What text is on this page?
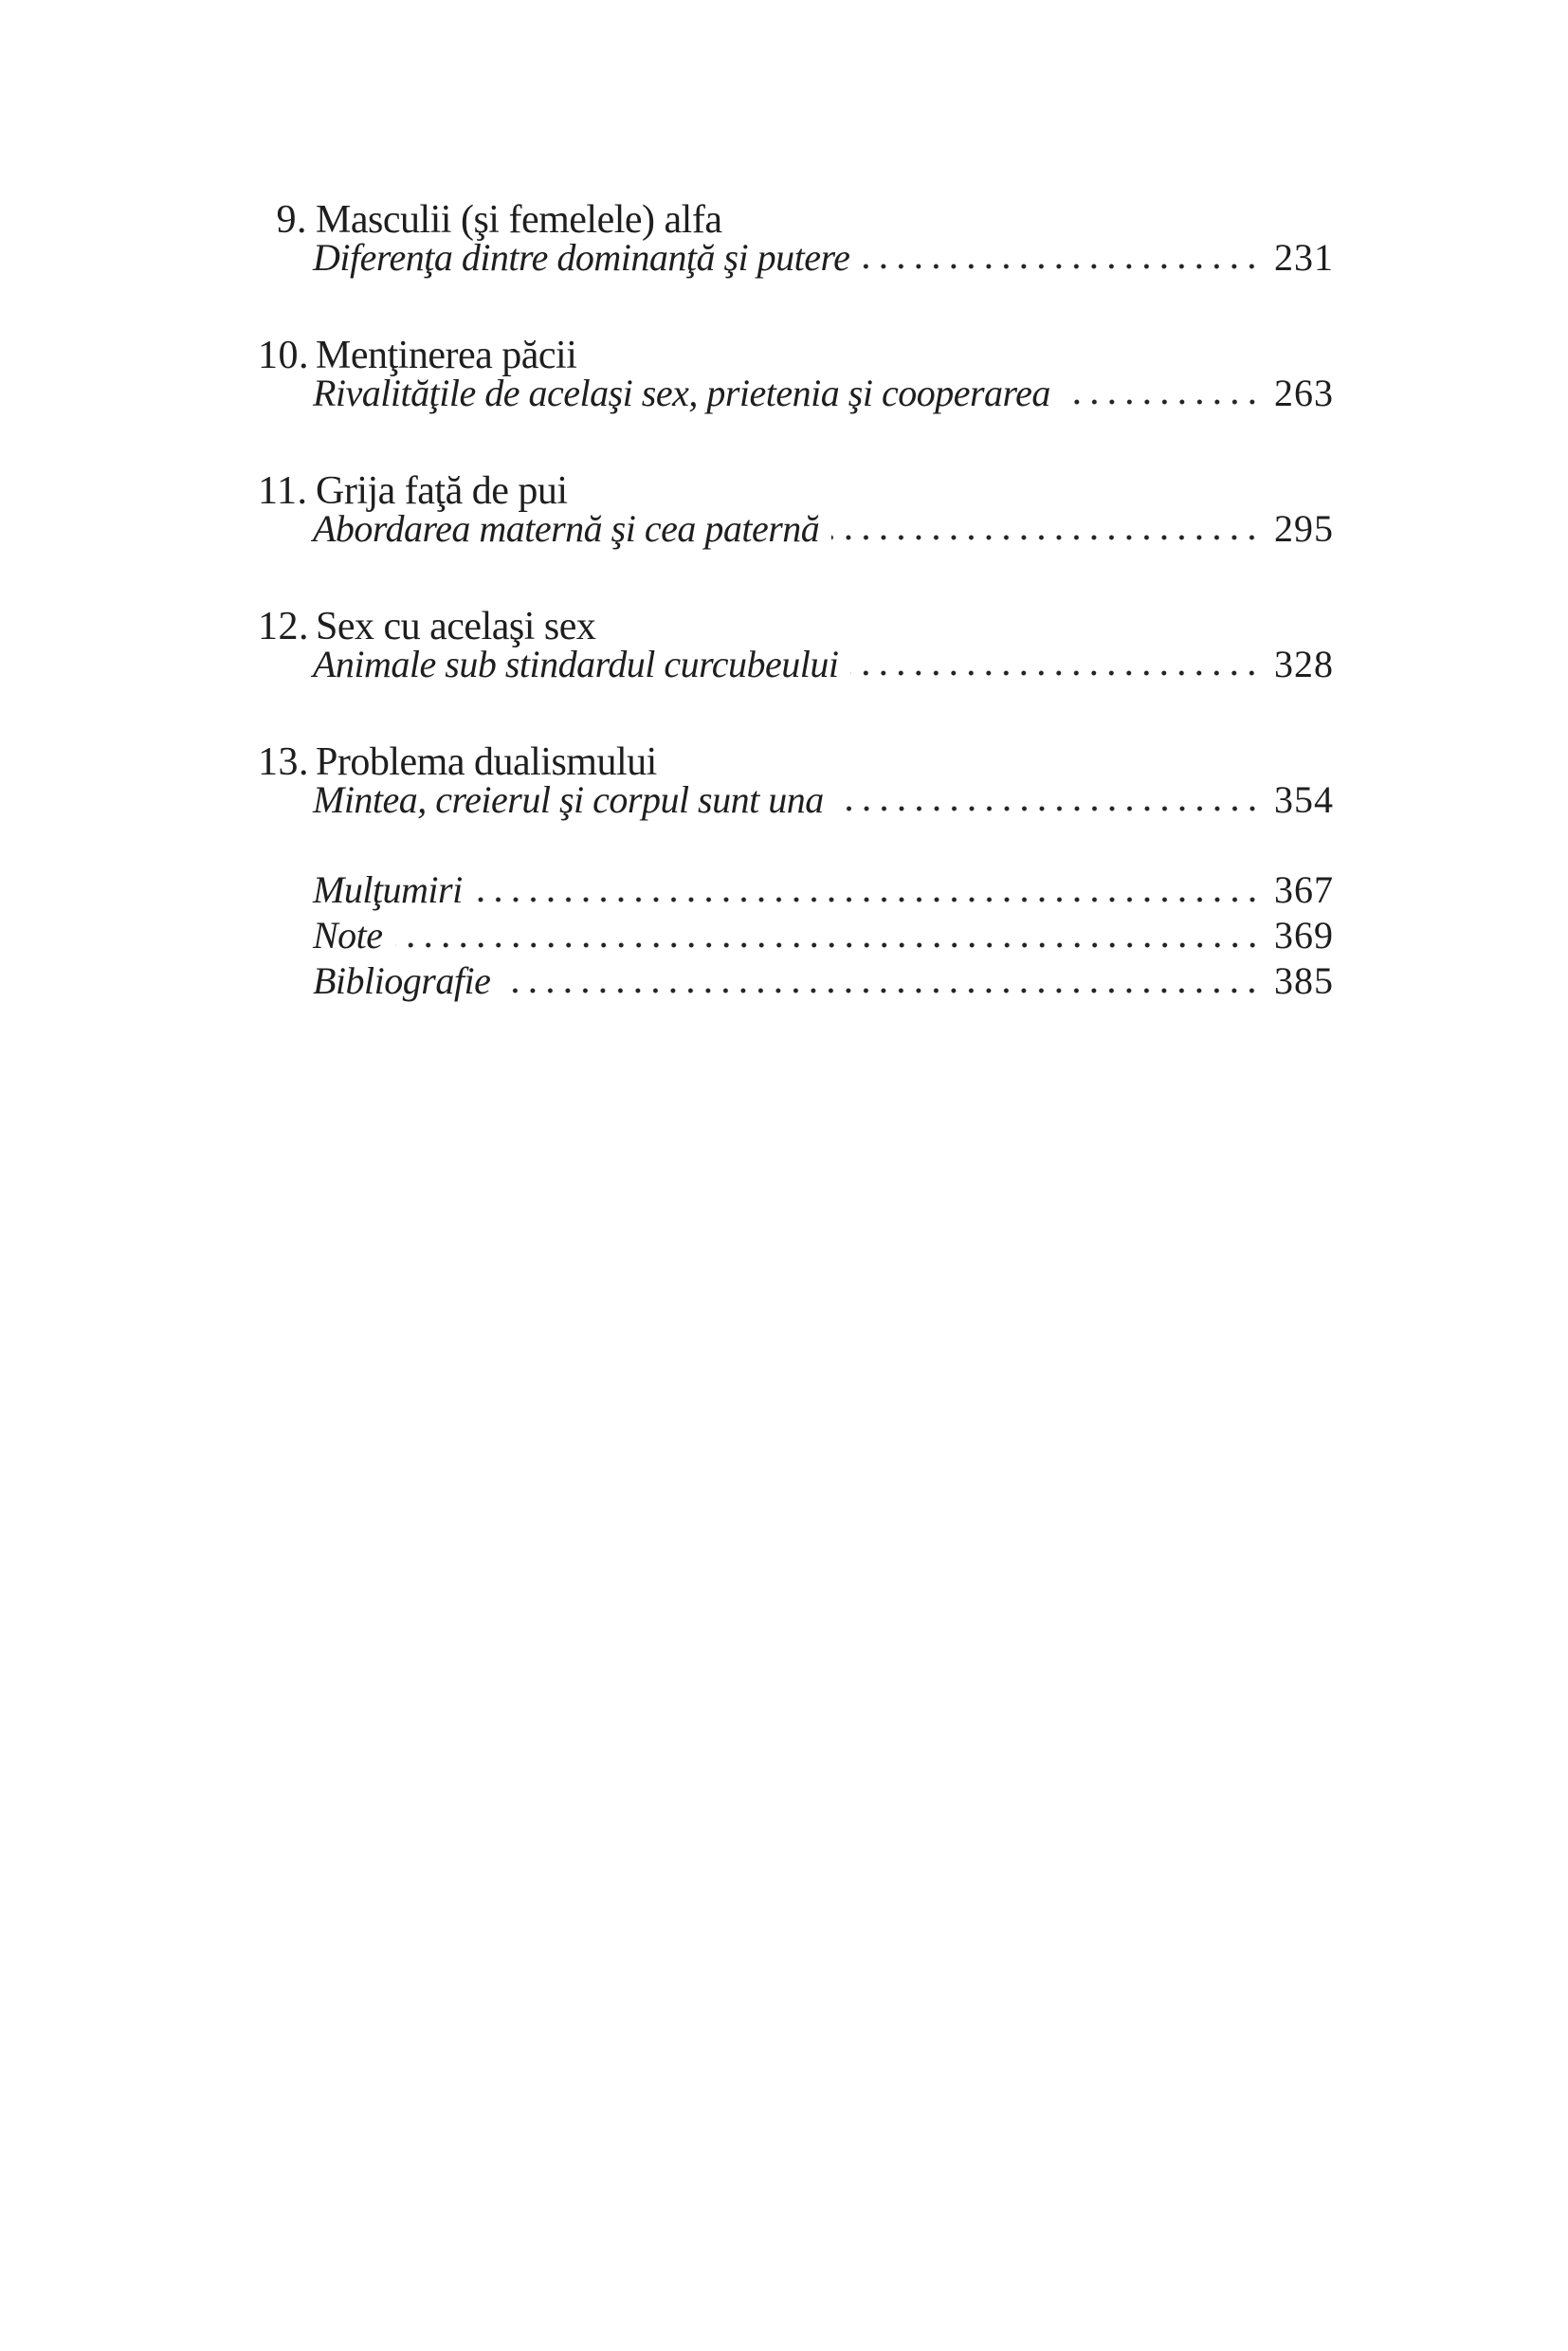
9. Masculii (şi femelele) alfa
Diferenţa dintre dominanţă şi putere	231
10. Menţinerea păcii
Rivalităţile de acelaşi sex, prietenia şi cooperarea	263
11. Grija faţă de pui
Abordarea maternă şi cea paternă	295
12. Sex cu acelaşi sex
Animale sub stindardul curcubeului	328
13. Problema dualismului
Mintea, creierul şi corpul sunt una	354
Mulţumiri	367
Note	369
Bibliografie	385
